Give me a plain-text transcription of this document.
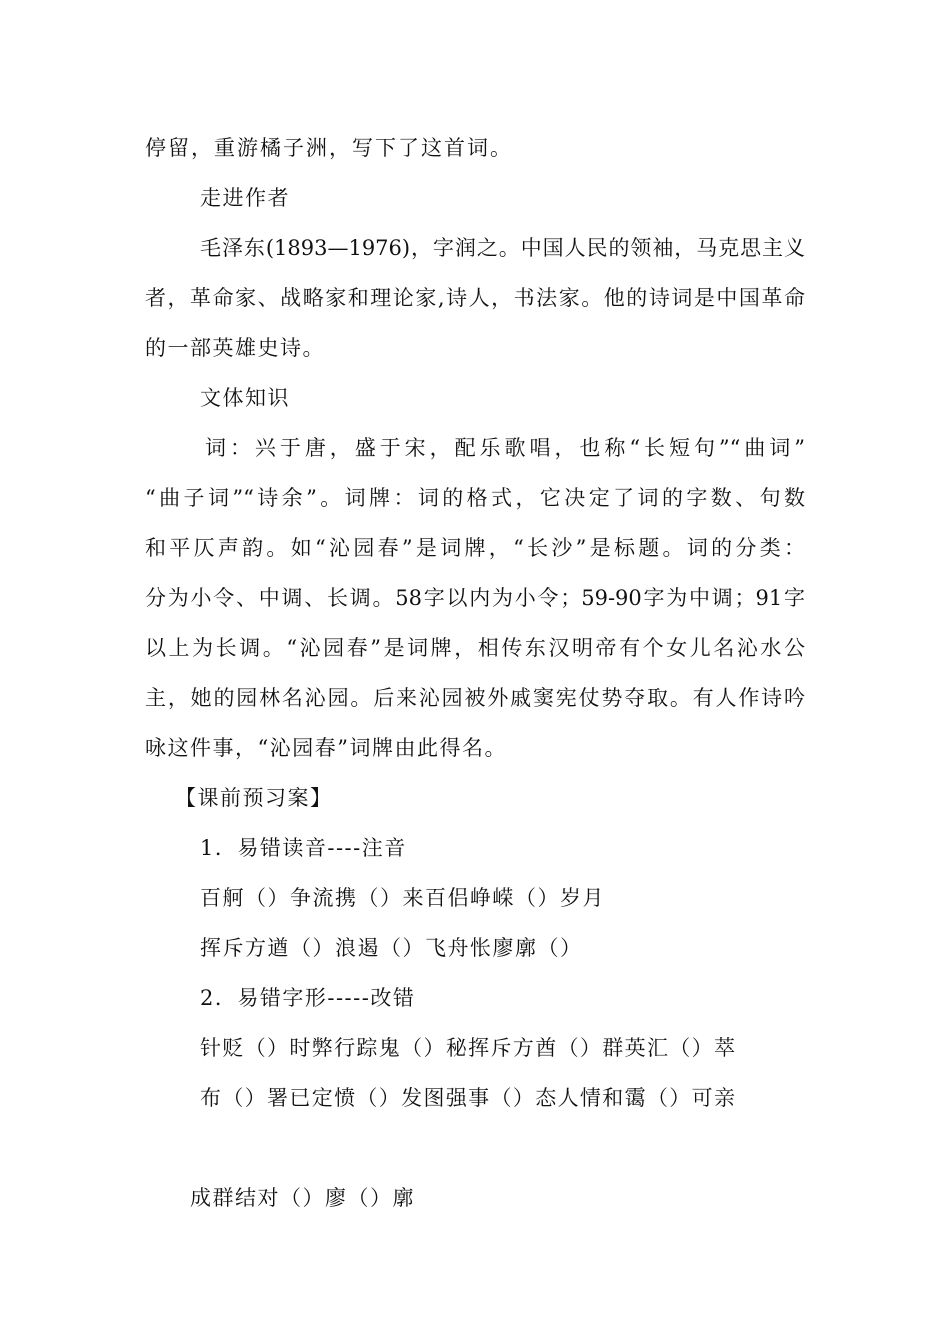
停留，重游橘子洲，写下了这首词。
走进作者
毛泽东(1893—1976)，字润之。中国人民的领袖，马克思主义
者，革命家、战略家和理论家,诗人，书法家。他的诗词是中国革命
的一部英雄史诗。
文体知识
词：兴于唐，盛于宋，配乐歌唱，也称“长短句”“曲词”
“曲子词”“诗余”。词牌：词的格式，它决定了词的字数、句数
和平仄声韵。如“沁园春”是词牌，“长沙”是标题。词的分类：
分为小令、中调、长调。58字以内为小令；59-90字为中调；91字
以上为长调。“沁园春”是词牌，相传东汉明帝有个女儿名沁水公
主，她的园林名沁园。后来沁园被外戚窦宪仗势夺取。有人作诗吟
咏这件事，“沁园春”词牌由此得名。
【课前预习案】
1．易错读音----注音
百舸（）争流携（）来百侣峥嵘（）岁月
挥斥方遒（）浪遏（）飞舟怅廖廓（）
2．易错字形-----改错
针贬（）时弊行踪鬼（）秘挥斥方酋（）群英汇（）萃
布（）署已定愤（）发图强事（）态人情和霭（）可亲
成群结对（）廖（）廓
